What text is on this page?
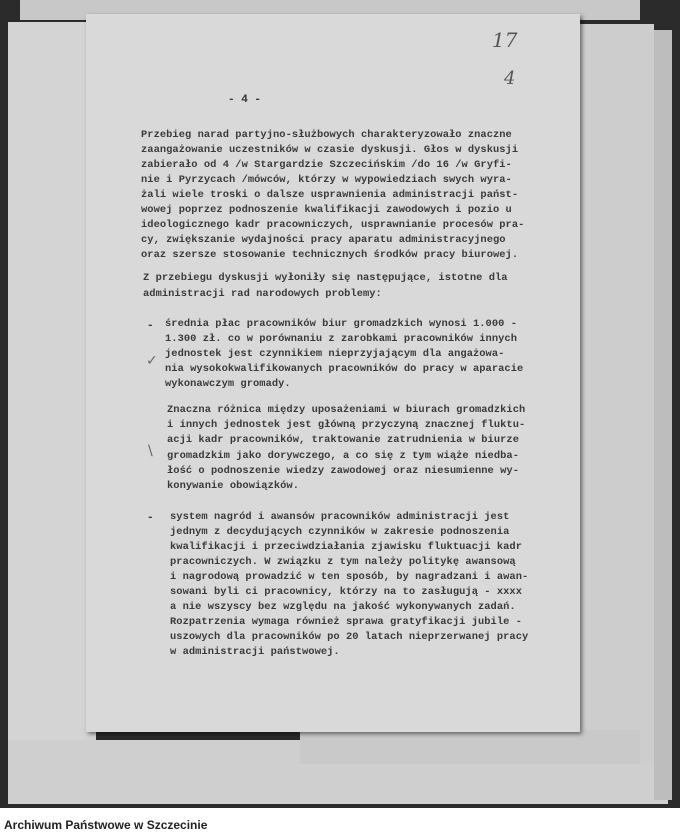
17
4
- 4 -
Przebieg narad partyjno-służbowych charakteryzowało znaczne
zaangażowanie uczestników w czasie dyskusji. Głos w dyskusji
zabierało od 4 /w Stargardzie Szczecińskim /do 16 /w Gryfi-
nie i Pyrzycach /mówców, którzy w wypowiedziach swych wyra-
żali wiele troski o dalsze usprawnienia administracji państ-
wowej poprzez podnoszenie kwalifikacji zawodowych i pozio u
ideologicznego kadr pracowniczych, usprawnianie procesów pra-
cy, zwiększanie wydajności pracy aparatu administracyjnego
oraz szersze stosowanie technicznych środków pracy biurowej.
Z przebiegu dyskusji wyłoniły się następujące, istotne dla
administracji rad narodowych problemy:
średnia płac pracowników biur gromadzkich wynosi 1.000 -
1.300 zł. co w porównaniu z zarobkami pracowników innych
jednostek jest czynnikiem nieprzyjającym dla angażowa-
nia wysokokwalifikowanych pracowników do pracy w aparacie
wykonawczym gromady.
Znaczna różnica między uposażeniami w biurach gromadzkich
i innych jednostek jest główną przyczyną znacznej fluktu-
acji kadr pracowników, traktowanie zatrudnienia w biurze
gromadzkim jako dorywczego, a co się z tym wiąże niedba-
łość o podnoszenie wiedzy zawodowej oraz niesumienne wy-
konywanie obowiązków.
system nagród i awansów pracowników administracji jest
jednym z decydujących czynników w zakresie podnoszenia
kwalifikacji i przeciwdziałania zjawisku fluktuacji kadr
pracowniczych. W związku z tym należy politykę awansową
i nagrodową prowadzić w ten sposób, by nagradzani i awan-
sowani byli ci pracownicy, którzy na to zasługują - xxxx
a nie wszyscy bez względu na jakość wykonywanych zadań.
Rozpatrzenia wymaga również sprawa gratyfikacji jubile -
uszowych dla pracowników po 20 latach nieprzerwanej pracy
w administracji państwowej.
-
-
✓
\
Archiwum Państwowe w Szczecinie
